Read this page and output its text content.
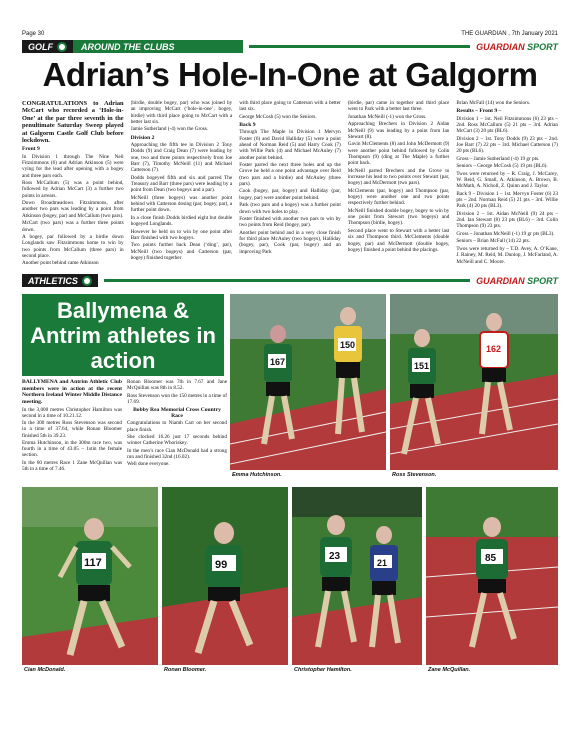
Page 30	THE GUARDIAN , 7th January 2021
GOLF	AROUND THE CLUBS	GUARDIAN SPORT
Adrian’s Hole-In-One at Galgorm

CONGRATULATIONS to Adrian McCart who recorded a ‘Hole-in-One’ at the par three seventh in the penultimate Saturday Sweep played at Galgorm Castle Golf Club before lockdown.

Front 9

In Division 1 through The Nine Neil Fitzsimmons (6) and Adrian Atkinson (5) were vying for the lead after opening with a bogey and three pars each.

Ross McCallum (5) was a point behind, followed by Adrian McCart (3) a further two points in arrears.

Down Broadmeadows Fitzsimmons, after another two pars was leading by a point from Atkinson (bogey, par) and McCallum (two pars).

McCart (two pars) was a further three points down.

A bogey, par followed by a birdie down Longlands saw Fitzsimmons home to win by two points from McCallum (three pars) in second place.

Another point behind came Atkinson

(birdie, double bogey, par) who was joined by an improving McCart (‘hole-in-one’, bogey, birdie) with third place going to McCart with a better last six.

Jamie Sutherland (-4) won the Gross.

Division 2

Approaching the fifth tee in Division 2 Tony Dodds (9) and Craig Dean (7) were leading by one, two and three points respectively from Joe Barr (7), Timothy McNeill (11) and Michael Catterson (7).

Dodds bogeyed fifth and six and parred The Treasury and Barr (three pars) were leading by a point from Dean (two bogeys and a par).

McNeill (three bogeys) was another point behind with Catterson dosing (par, bogey, par), a further point down.

In a close finish Dodds birdied eight but double bogeyed Longlands.

However he held on to win by one point after Barr finished with two bogeys.

Two points further back Dean (‘ding’, par), McNeill (two bogeys) and Catterson (par, bogey) finished together

with third place going to Catterson with a better last six.

George McCosh (5) won the Seniors.

Back 9

Through The Maple in Division 1 Mervyn Foster (6) and David Halliday (5) were a point ahead of Norman Reid (5) and Harry Cook (7) with Willie Park (4) and Michael McAuley (7) another point behind.

Foster parred the next three holes and up the Grove he held a one point advantage over Reid (two pars and a birdie) and McAuley (three pars).

Cook (bogey, par, bogey) and Halliday (par, bogey, par) were another point behind.

Park (two pars and a bogey) was a further point down with two holes to play.

Foster finished with another two pars to win by two points from Reid (bogey, par).

Another point behind and in a very close finish for third place McAuley (two bogeys), Halliday (bogey, par), Cook (par, bogey) and an improving Park

(birdie, par) came in together and third place went to Park with a better last three.

Jonathan McNeill (-1) won the Gross.

Approaching Brechers in Division 2 Aidan McNeill (9) was leading by a point from Ian Stewart (8).

Gavin McClements (8) and John McDermott (9) were another point behind followed by Colin Thompson (9) (ding at The Maple) a further point back.

McNeill parred Brechers and the Grove to increase his lead to two points over Stewart (par, bogey) and McDermott (two pars).

McClements (par, bogey) and Thompson (par, bogey) were another one and two points respectively further behind.

McNeill finished double bogey, bogey to win by one point from Stewart (two bogeys) and Thompson (birdie, bogey).

Second place went to Stewart with a better last six and Thompson third. McClements (double bogey, par) and McDermott (double bogey, bogey) finished a point behind the placings.

Brian McFall (14) won the Seniors.

Results – Front 9 –

Division 1 – 1st. Neil Fitzsimmons (6) 23 pts – 2nd. Ross McCallum (5) 21 pts – 3rd. Adrian McCart (3) 20 pts (BL6).

Division 2 – 1st. Tony Dodds (9) 23 pts – 2nd. Joe Barr (7) 22 pts – 3rd. Michael Catterson (7) 20 pts (BL6).

Gross – Jamie Sutherland (-4) 19 gr pts.

Seniors – George McCosh (5) 19 pts (BL6).

Twos were returned by – R. Craig, J. McCarey, W. Reid, G. Small, A. Atkinson, A. Brown, B. McMath, A. Nicholl, Z. Quinn and J. Taylor.

Back 9 – Division 1 – 1st. Mervyn Foster (6) 23 pts – 2nd. Norman Reid (5) 21 pts – 3rd. Willie Park (4) 20 pts (BL3).

Division 2 – 1st. Aidan McNeill (9) 24 pts – 2nd. Ian Stewart (8) 23 pts (BL6) – 3rd. Colin Thompson (9) 23 pts.

Gross – Jonathan McNeill (-1) 19 gr pts (BL3).

Seniors – Brian McFall (14) 22 pts.

Twos were returned by – T.D. Avey, A. O’Kane, J. Rainey, M. Reid, M. Dunlop, J. McFarland, A. McNeill and C. Moore.

ATHLETICS	GUARDIAN SPORT
Ballymena & Antrim athletes in action

BALLYMENA and Antrim Athletic Club members were in action at the recent Northern Ireland Winter Middle Distance meeting.

In the 3,000 metres Christopher Hamilton was second in a time of 10.21.12.

In the 300 metres Ross Stevenson was second in a time of 37.64, while Ronan Bloomer finished 5th in 39.23.

Emma Hutchinson, in the 300m race two, was fourth in a time of 43.05 – 1stin the female section.

In the 60 metres Race 1 Zane McQuillan was 5th in a time of 7.46.

Ronan Bloomer was 7th in 7.67 and Jane McQuillan was 8th in 8.52.

Ross Stevenson won the 150 metres in a time of 17.69.

Bobby Rea Memorial Cross Country Race

Congratulations to Niamh Carr on her second place finish.

She clocked 16.26 just 17 seconds behind winner Catherine Whoriskey.

In the men’s race Cian McDonald had a strong run and finished 32nd (16.02).

Well done everyone.

167
150
Emma Hutchinson.
151
162
Ross Stevenson.
117
Cian McDonald.
99
Ronan Bloomer.
23
21
Christopher Hamilton.
85
Zane McQuillan.
